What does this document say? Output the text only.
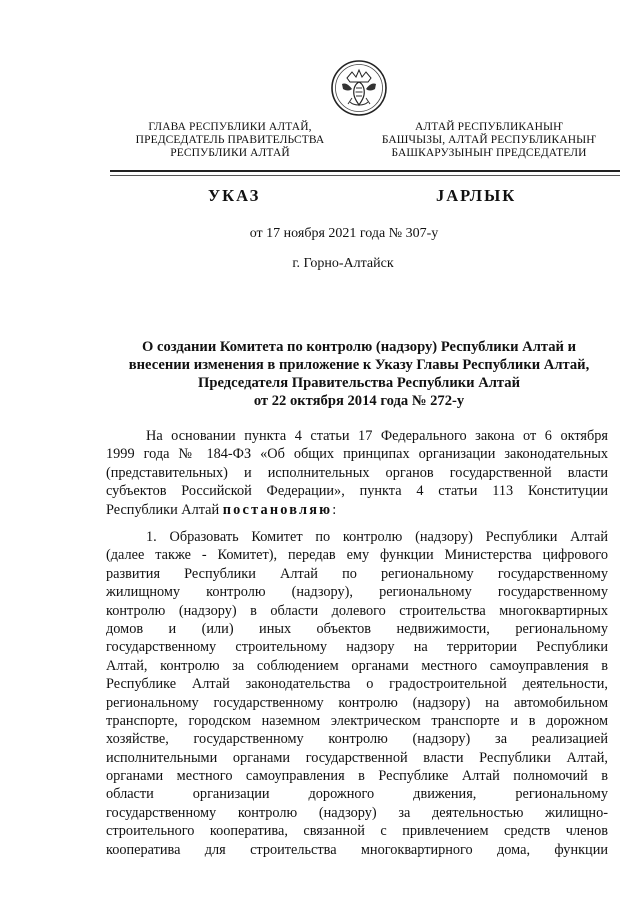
ГЛАВА РЕСПУБЛИКИ АЛТАЙ,
ПРЕДСЕДАТЕЛЬ ПРАВИТЕЛЬСТВА
РЕСПУБЛИКИ АЛТАЙ
АЛТАЙ РЕСПУБЛИКАНЫҤ
БАШЧЫЗЫ, АЛТАЙ РЕСПУБЛИКАНЫҤ
БАШКАРУЗЫНЫҤ ПРЕДСЕДАТЕЛИ
УКАЗ	JАРЛЫК
от 17 ноября 2021 года № 307-у
г. Горно-Алтайск
О создании Комитета по контролю (надзору) Республики Алтай и
внесении изменения в приложение к Указу Главы Республики Алтай,
Председателя Правительства Республики Алтай
от 22 октября 2014 года № 272-у
На основании пункта 4 статьи 17 Федерального закона от 6 октября
1999 года № 184-ФЗ «Об общих принципах организации законодательных
(представительных) и исполнительных органов государственной власти
субъектов Российской Федерации», пункта 4 статьи 113 Конституции
Республики Алтай постановляю:
1. Образовать Комитет по контролю (надзору) Республики Алтай
(далее также - Комитет), передав ему функции Министерства цифрового
развития Республики Алтай по региональному государственному
жилищному контролю (надзору), региональному государственному
контролю (надзору) в области долевого строительства многоквартирных
домов и (или) иных объектов недвижимости, региональному
государственному строительному надзору на территории Республики
Алтай, контролю за соблюдением органами местного самоуправления в
Республике Алтай законодательства о градостроительной деятельности,
региональному государственному контролю (надзору) на автомобильном
транспорте, городском наземном электрическом транспорте и в дорожном
хозяйстве, государственному контролю (надзору) за реализацией
исполнительными органами государственной власти Республики Алтай,
органами местного самоуправления в Республике Алтай полномочий в
области организации дорожного движения, региональному
государственному контролю (надзору) за деятельностью жилищно-
строительного кооператива, связанной с привлечением средств членов
кооператива для строительства многоквартирного дома, функции
